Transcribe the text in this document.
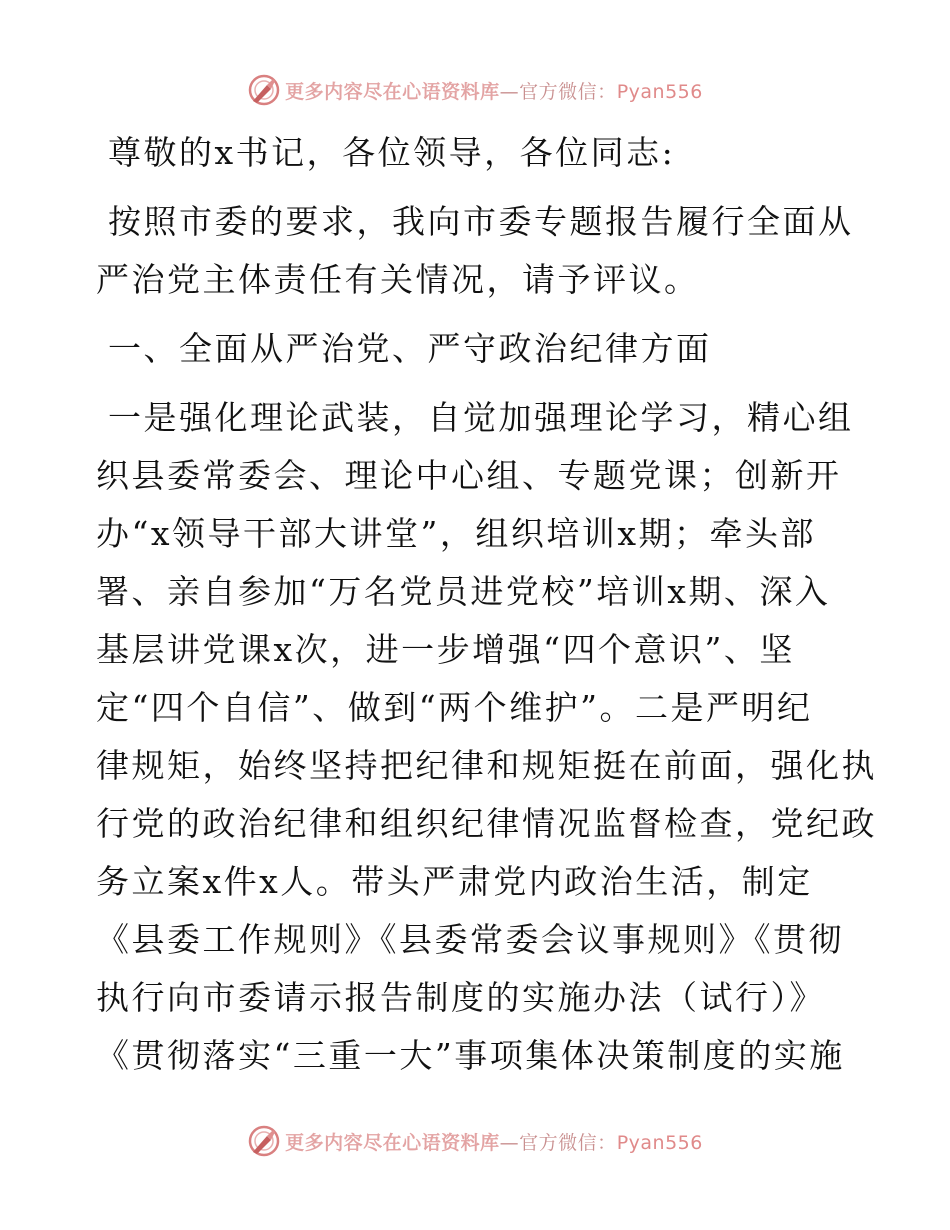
更多内容尽在心语资料库—官方微信：Pyan556
尊敬的x书记，各位领导，各位同志:
按照市委的要求，我向市委专题报告履行全面从
严治党主体责任有关情况，请予评议。
一、全面从严治党、严守政治纪律方面
一是强化理论武装，自觉加强理论学习，精心组
织县委常委会、理论中心组、专题党课；创新开
办“x领导干部大讲堂”，组织培训x期；牵头部
署、亲自参加“万名党员进党校”培训x期、深入
基层讲党课x次，进一步增强“四个意识”、坚
定“四个自信”、做到“两个维护”。二是严明纪
律规矩，始终坚持把纪律和规矩挺在前面，强化执
行党的政治纪律和组织纪律情况监督检查，党纪政
务立案x件x人。带头严肃党内政治生活，制定
《县委工作规则》《县委常委会议事规则》《贯彻
执行向市委请示报告制度的实施办法（试行）》
《贯彻落实“三重一大”事项集体决策制度的实施
更多内容尽在心语资料库—官方微信：Pyan556
